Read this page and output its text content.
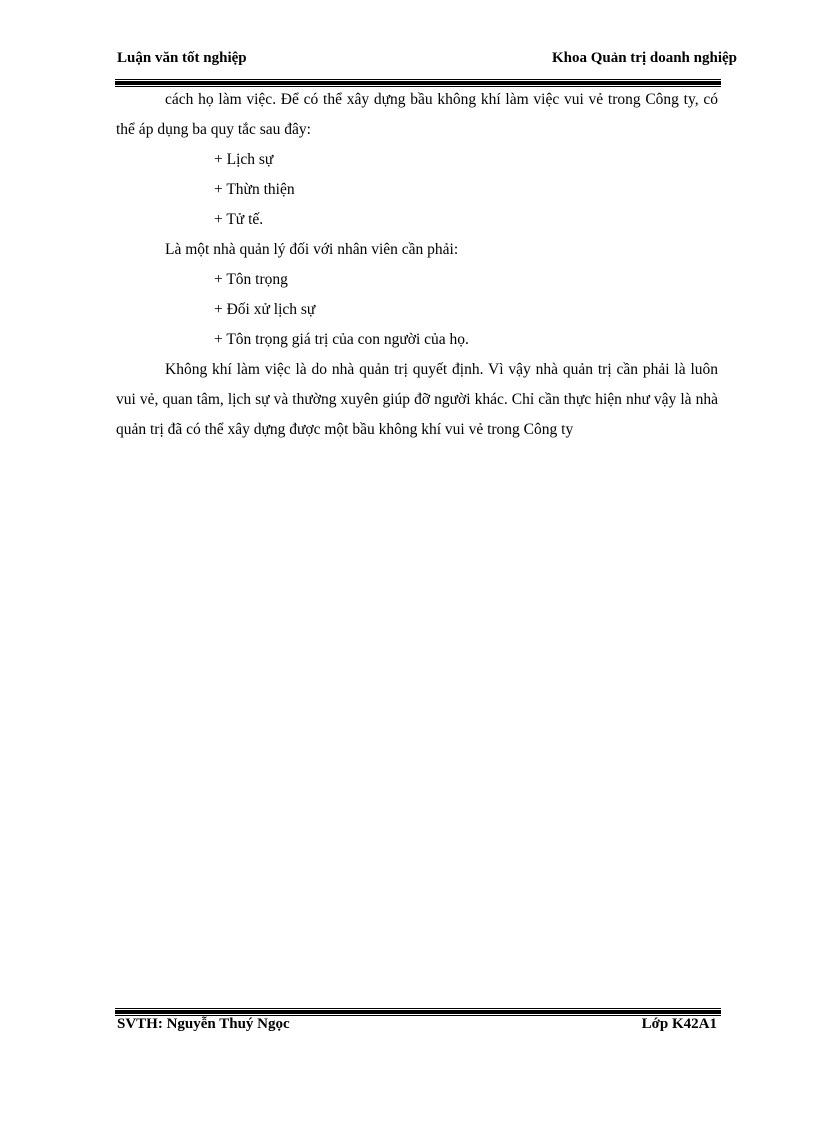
Luận văn tốt nghiệp	Khoa Quản trị doanh nghiệp
cách họ làm việc. Để có thể xây dựng bầu không khí làm việc vui vẻ trong Công ty, có thể áp dụng ba quy tắc sau đây:
+ Lịch sự
+ Thừn thiện
+ Tử tế.
Là một nhà quản lý đối với nhân viên cần phải:
+ Tôn trọng
+ Đối xử lịch sự
+ Tôn trọng giá trị của con người của họ.
Không khí làm việc là do nhà quản trị quyết định. Vì vậy nhà quản trị cần phải là luôn vui vẻ, quan tâm, lịch sự và thường xuyên giúp đỡ người khác. Chỉ cần thực hiện như vậy là nhà quản trị đã có thể xây dựng được một bầu không khí vui vẻ trong Công ty
SVTH: Nguyễn Thuý Ngọc	Lớp K42A1
